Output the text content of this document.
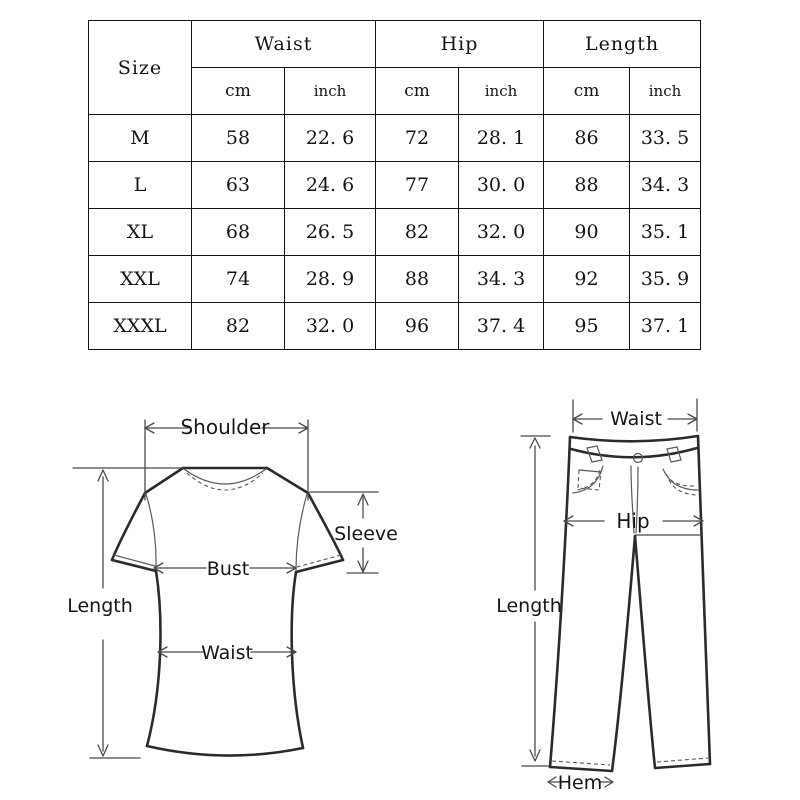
Size	Waist		Hip		Length	
	cm	inch	cm	inch	cm	inch
M	58	22. 6	72	28. 1	86	33. 5
L	63	24. 6	77	30. 0	88	34. 3
XL	68	26. 5	82	32. 0	90	35. 1
XXL	74	28. 9	88	34. 3	92	35. 9
XXXL	82	32. 0	96	37. 4	95	37. 1
Shoulder
Length
Bust
Waist
Sleeve
Waist
Hip
Length
Hem
